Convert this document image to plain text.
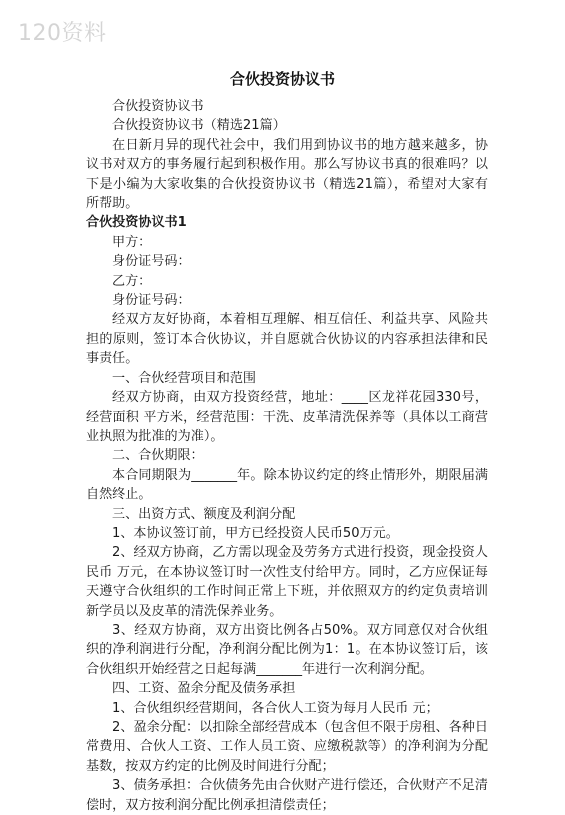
120资料
合伙投资协议书

合伙投资协议书

合伙投资协议书（精选21篇）

在日新月异的现代社会中，我们用到协议书的地方越来越多，协议书对双方的事务履行起到积极作用。那么写协议书真的很难吗？以下是小编为大家收集的合伙投资协议书（精选21篇），希望对大家有所帮助。

合伙投资协议书1

甲方：

身份证号码：

乙方：

身份证号码：

经双方友好协商，本着相互理解、相互信任、利益共享、风险共担的原则，签订本合伙协议，并自愿就合伙协议的内容承担法律和民事责任。

一、合伙经营项目和范围

经双方协商，由双方投资经营，地址：____区龙祥花园330号，经营面积 平方米，经营范围：干洗、皮革清洗保养等（具体以工商营业执照为批准的为准）。

二、合伙期限：

本合同期限为_______年。除本协议约定的终止情形外，期限届满自然终止。

三、出资方式、额度及利润分配

1、本协议签订前，甲方已经投资人民币50万元。

2、经双方协商，乙方需以现金及劳务方式进行投资，现金投资人民币 万元，在本协议签订时一次性支付给甲方。同时，乙方应保证每天遵守合伙组织的工作时间正常上下班，并依照双方的约定负责培训新学员以及皮革的清洗保养业务。

3、经双方协商，双方出资比例各占50%。双方同意仅对合伙组织的净利润进行分配，净利润分配比例为1：1。在本协议签订后，该合伙组织开始经营之日起每满_______年进行一次利润分配。

四、工资、盈余分配及债务承担

1、合伙组织经营期间，各合伙人工资为每月人民币 元；

2、盈余分配：以扣除全部经营成本（包含但不限于房租、各种日常费用、合伙人工资、工作人员工资、应缴税款等）的净利润为分配基数，按双方约定的比例及时间进行分配；

3、债务承担：合伙债务先由合伙财产进行偿还，合伙财产不足清偿时，双方按利润分配比例承担清偿责任；
